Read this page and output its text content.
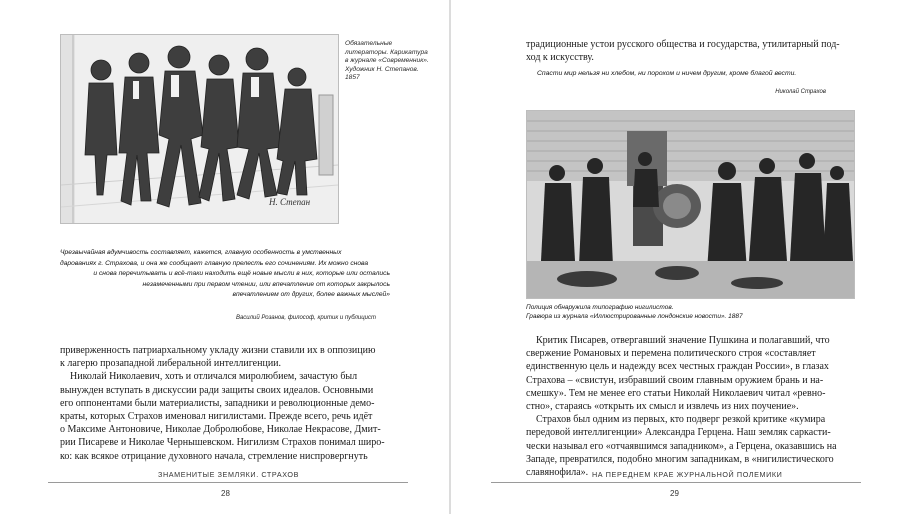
Н. Степан
Обязательные
литераторы. Карикатура
в журнале «Современник».
Художник Н. Степанов.
1857
Чрезвычайная вдумчивость составляет, кажется, главную особенность в умственных
дарованиях г. Страхова, и она же сообщает главную прелесть его сочинениям. Их можно снова
и снова перечитывать и всё-таки находить ещё новые мысли в них, которые или остались
незамеченными при первом чтении, или впечатление от которых закрылось
впечатлением от других, более важных мыслей»
Василий Розанов, философ, критик и публицист
приверженность патриархальному укладу жизни ставили их в оппозицию
к лагерю прозападной либеральной интеллигенции.
Николай Николаевич, хоть и отличался миролюбием, зачастую был
вынужден вступать в дискуссии ради защиты своих идеалов. Основными
его оппонентами были материалисты, западники и революционные демо-
краты, которых Страхов именовал нигилистами. Прежде всего, речь идёт
о Максиме Антоновиче, Николае Добролюбове, Николае Некрасове, Дмит-
рии Писареве и Николае Чернышевском. Нигилизм Страхов понимал широ-
ко: как всякое отрицание духовного начала, стремление ниспровергнуть
ЗНАМЕНИТЫЕ ЗЕМЛЯКИ. СТРАХОВ
28
традиционные устои русского общества и государства, утилитарный под-
ход к искусству.
Спасти мир нельзя ни хлебом, ни порохом и ничем другим, кроме благой вести.
Николай Страхов
Полиция обнаружила типографию нигилистов.
Гравюра из журнала «Иллюстрированные лондонские новости». 1887
Критик Писарев, отвергавший значение Пушкина и полагавший, что
свержение Романовых и перемена политического строя «составляет
единственную цель и надежду всех честных граждан России», в глазах
Страхова – «свистун, избравший своим главным оружием брань и на-
смешку». Тем не менее его статьи Николай Николаевич читал «ревно-
стно», стараясь «открыть их смысл и извлечь из них поучение».
Страхов был одним из первых, кто подверг резкой критике «кумира
передовой интеллигенции» Александра Герцена. Наш земляк саркасти-
чески называл его «отчаявшимся западником», а Герцена, оказавшись на
Западе, превратился, подобно многим западникам, в «нигилистического
славянофила». НА ПЕРЕДНЕМ КРАЕ ЖУРНАЛЬНОЙ ПОЛЕМИКИ
29
